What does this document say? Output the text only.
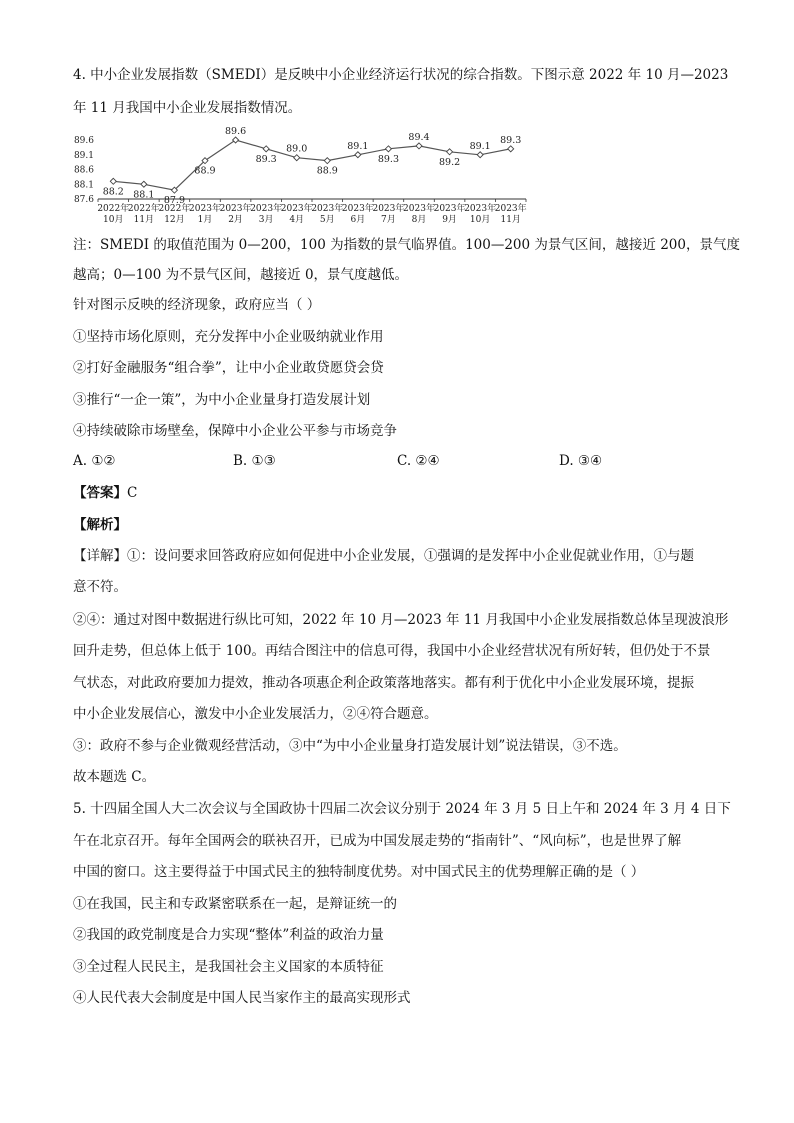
4. 中小企业发展指数（SMEDI）是反映中小企业经济运行状况的综合指数。下图示意 2022 年 10 月—2023
年 11 月我国中小企业发展指数情况。
87.6
88.1
88.6
89.1
89.6
2022年
10月
2022年
11月
2022年
12月
2023年
1月
2023年
2月
2023年
3月
2023年
4月
2023年
5月
2023年
6月
2023年
7月
2023年
8月
2023年
9月
2023年
10月
2023年
11月
88.2 88.1
87.9
88.9
89.6
89.3
89.0
88.9
89.1
89.3
89.4
89.2
89.1
89.3
注：SMEDI 的取值范围为 0—200，100 为指数的景气临界值。100—200 为景气区间，越接近 200，景气度
越高；0—100 为不景气区间，越接近 0，景气度越低。
针对图示反映的经济现象，政府应当（ ）
①坚持市场化原则，充分发挥中小企业吸纳就业作用
②打好金融服务“组合拳”，让中小企业敢贷愿贷会贷
③推行“一企一策”，为中小企业量身打造发展计划
④持续破除市场壁垒，保障中小企业公平参与市场竞争
A. ①②	B. ①③	C. ②④	D. ③④
【答案】C
【解析】
【详解】①：设问要求回答政府应如何促进中小企业发展，①强调的是发挥中小企业促就业作用，①与题
意不符。
②④：通过对图中数据进行纵比可知，2022 年 10 月—2023 年 11 月我国中小企业发展指数总体呈现波浪形
回升走势，但总体上低于 100。再结合图注中的信息可得，我国中小企业经营状况有所好转，但仍处于不景
气状态，对此政府要加力提效，推动各项惠企利企政策落地落实。都有利于优化中小企业发展环境，提振
中小企业发展信心，激发中小企业发展活力，②④符合题意。
③：政府不参与企业微观经营活动，③中“为中小企业量身打造发展计划”说法错误，③不选。
故本题选 C。
5. 十四届全国人大二次会议与全国政协十四届二次会议分别于 2024 年 3 月 5 日上午和 2024 年 3 月 4 日下
午在北京召开。每年全国两会的联袂召开，已成为中国发展走势的“指南针”、“风向标”，也是世界了解
中国的窗口。这主要得益于中国式民主的独特制度优势。对中国式民主的优势理解正确的是（ ）
①在我国，民主和专政紧密联系在一起，是辩证统一的
②我国的政党制度是合力实现“整体”利益的政治力量
③全过程人民民主，是我国社会主义国家的本质特征
④人民代表大会制度是中国人民当家作主的最高实现形式
